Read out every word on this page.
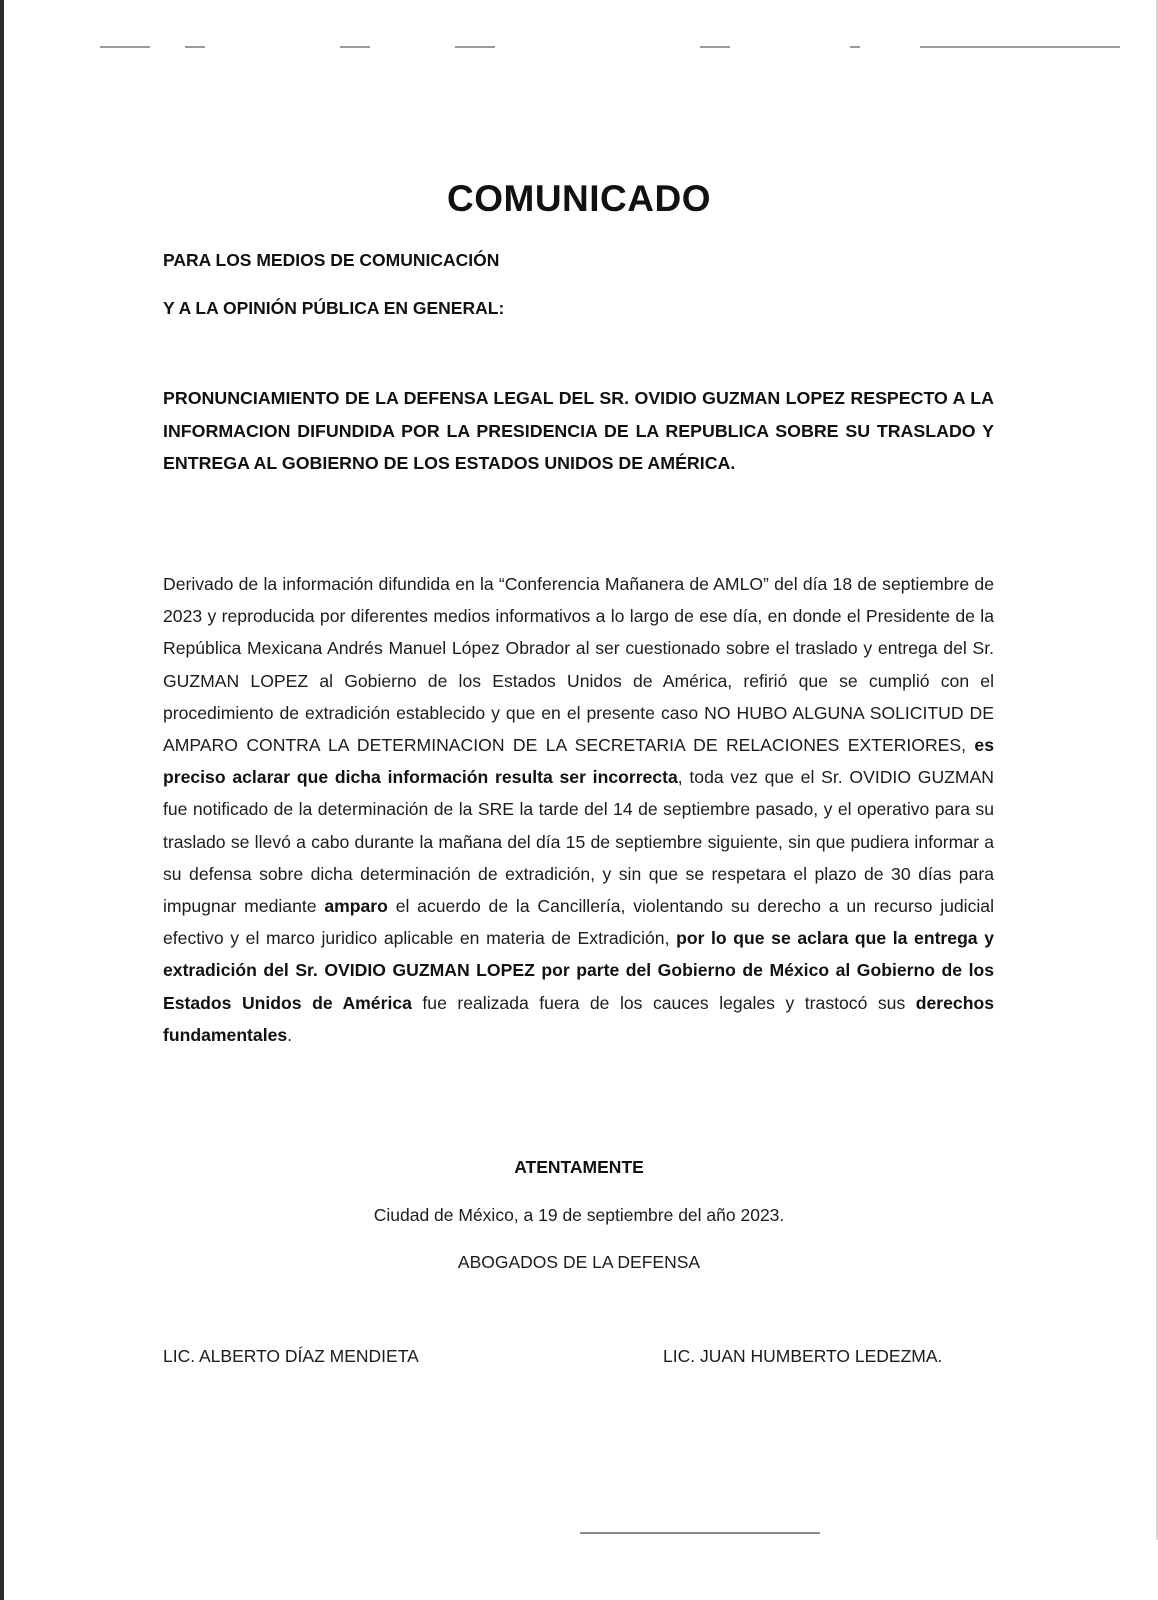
COMUNICADO
PARA LOS MEDIOS DE COMUNICACIÓN
Y A LA OPINIÓN PÚBLICA EN GENERAL:
PRONUNCIAMIENTO DE LA DEFENSA LEGAL DEL SR. OVIDIO GUZMAN LOPEZ RESPECTO A LA INFORMACION DIFUNDIDA POR LA PRESIDENCIA DE LA REPUBLICA SOBRE SU TRASLADO Y ENTREGA AL GOBIERNO DE LOS ESTADOS UNIDOS DE AMÉRICA.
Derivado de la información difundida en la “Conferencia Mañanera de AMLO” del día 18 de septiembre de 2023 y reproducida por diferentes medios informativos a lo largo de ese día, en donde el Presidente de la República Mexicana Andrés Manuel López Obrador al ser cuestionado sobre el traslado y entrega del Sr. GUZMAN LOPEZ al Gobierno de los Estados Unidos de América, refirió que se cumplió con el procedimiento de extradición establecido y que en el presente caso NO HUBO ALGUNA SOLICITUD DE AMPARO CONTRA LA DETERMINACION DE LA SECRETARIA DE RELACIONES EXTERIORES, es preciso aclarar que dicha información resulta ser incorrecta, toda vez que el Sr. OVIDIO GUZMAN fue notificado de la determinación de la SRE la tarde del 14 de septiembre pasado, y el operativo para su traslado se llevó a cabo durante la mañana del día 15 de septiembre siguiente, sin que pudiera informar a su defensa sobre dicha determinación de extradición, y sin que se respetara el plazo de 30 días para impugnar mediante amparo el acuerdo de la Cancillería, violentando su derecho a un recurso judicial efectivo y el marco juridico aplicable en materia de Extradición, por lo que se aclara que la entrega y extradición del Sr. OVIDIO GUZMAN LOPEZ por parte del Gobierno de México al Gobierno de los Estados Unidos de América fue realizada fuera de los cauces legales y trastocó sus derechos fundamentales.
ATENTAMENTE
Ciudad de México, a 19 de septiembre del año 2023.
ABOGADOS DE LA DEFENSA
LIC. ALBERTO DÍAZ MENDIETA	LIC. JUAN HUMBERTO LEDEZMA.
